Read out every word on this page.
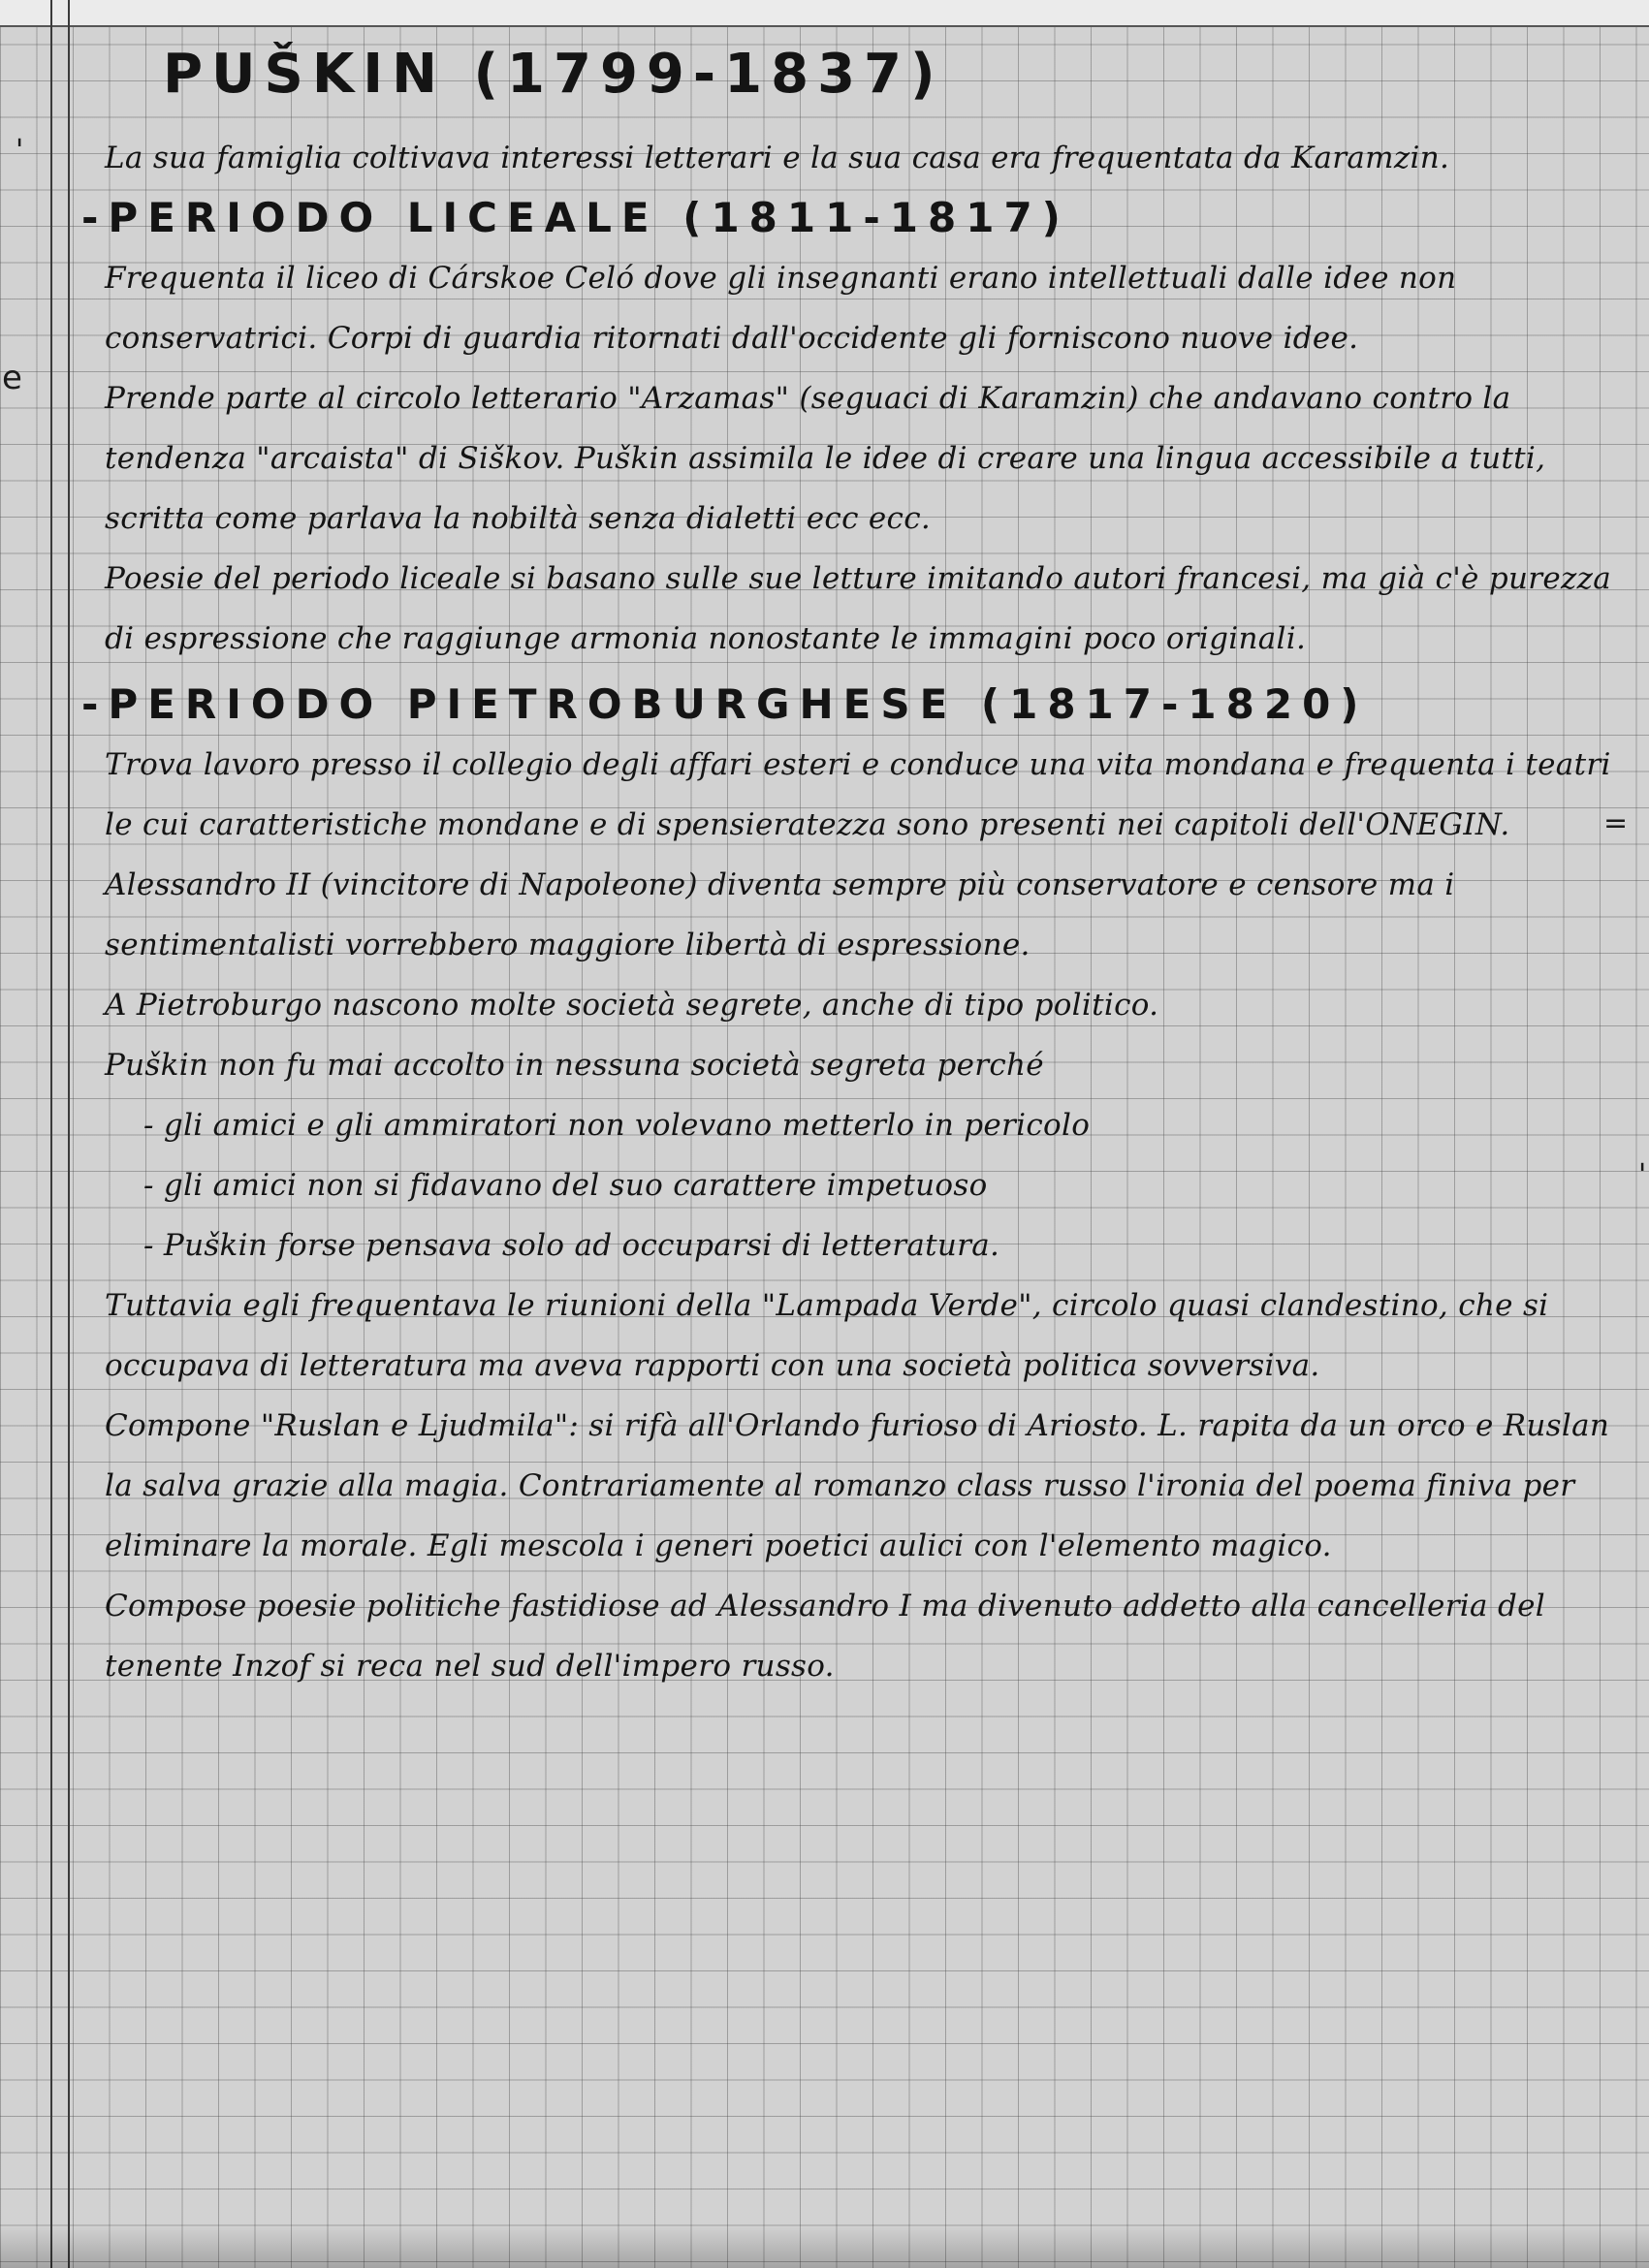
'
e
=
'
PUŠKIN (1799-1837)

La sua famiglia coltivava interessi letterari e la sua casa era frequentata da Karamzin.

-PERIODO LICEALE (1811-1817)

Frequenta il liceo di Cárskoe Celó dove gli insegnanti erano intellettuali dalle idee non conservatrici. Corpi di guardia ritornati dall'occidente gli forniscono nuove idee.

Prende parte al circolo letterario "Arzamas" (seguaci di Karamzin) che andavano contro la tendenza "arcaista" di Siškov. Puškin assimila le idee di creare una lingua accessibile a tutti, scritta come parlava la nobiltà senza dialetti ecc ecc.

Poesie del periodo liceale si basano sulle sue letture imitando autori francesi, ma già c'è purezza di espressione che raggiunge armonia nonostante le immagini poco originali.

-PERIODO PIETROBURGHESE (1817-1820)

Trova lavoro presso il collegio degli affari esteri e conduce una vita mondana e frequenta i teatri le cui caratteristiche mondane e di spensieratezza sono presenti nei capitoli dell'ONEGIN.

Alessandro II (vincitore di Napoleone) diventa sempre più conservatore e censore ma i sentimentalisti vorrebbero maggiore libertà di espressione.

A Pietroburgo nascono molte società segrete, anche di tipo politico.

Puškin non fu mai accolto in nessuna società segreta perché

- gli amici e gli ammiratori non volevano metterlo in pericolo

- gli amici non si fidavano del suo carattere impetuoso

- Puškin forse pensava solo ad occuparsi di letteratura.

Tuttavia egli frequentava le riunioni della "Lampada Verde", circolo quasi clandestino, che si occupava di letteratura ma aveva rapporti con una società politica sovversiva.

Compone "Ruslan e Ljudmila": si rifà all'Orlando furioso di Ariosto. L. rapita da un orco e Ruslan la salva grazie alla magia. Contrariamente al romanzo class russo l'ironia del poema finiva per eliminare la morale. Egli mescola i generi poetici aulici con l'elemento magico.

Compose poesie politiche fastidiose ad Alessandro I ma divenuto addetto alla cancelleria del tenente Inzof si reca nel sud dell'impero russo.
